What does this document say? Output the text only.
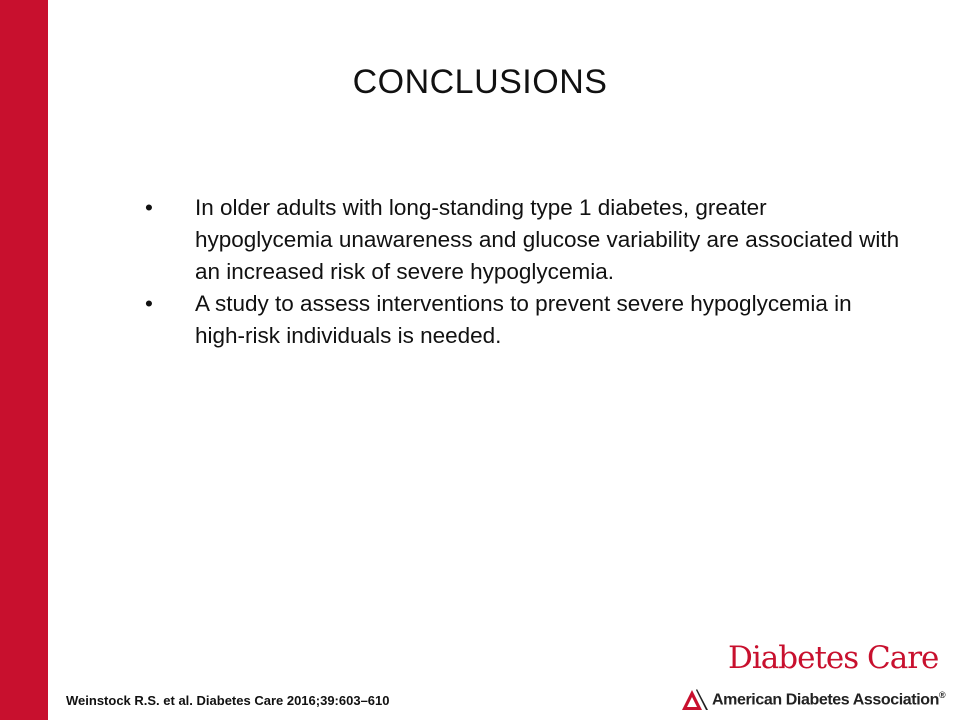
CONCLUSIONS
• In older adults with long-standing type 1 diabetes, greater hypoglycemia unawareness and glucose variability are associated with an increased risk of severe hypoglycemia.
• A study to assess interventions to prevent severe hypoglycemia in high-risk individuals is needed.
Weinstock R.S. et al. Diabetes Care 2016;39:603–610
Diabetes Care
American Diabetes Association®
